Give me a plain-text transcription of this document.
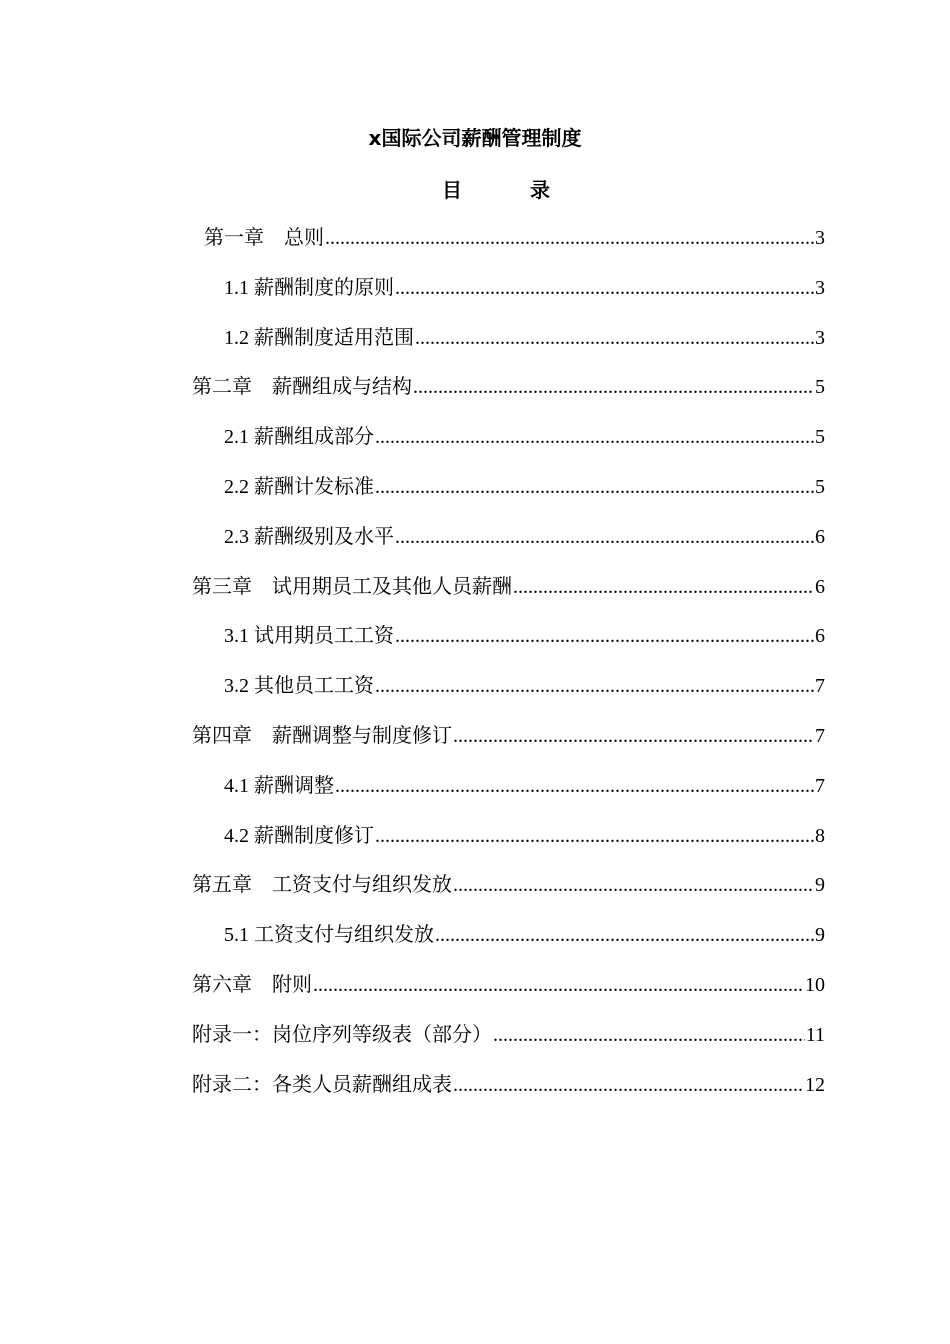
x国际公司薪酬管理制度
目	录
第一章　总则 .....	3
1.1 薪酬制度的原则 .....	3
1.2 薪酬制度适用范围 .....	3
第二章　薪酬组成与结构 .....	5
2.1 薪酬组成部分 .....	5
2.2 薪酬计发标准 .....	5
2.3 薪酬级别及水平 .....	6
第三章　试用期员工及其他人员薪酬 .....	6
3.1 试用期员工工资 .....	6
3.2 其他员工工资 .....	7
第四章　薪酬调整与制度修订 .....	7
4.1 薪酬调整 .....	7
4.2 薪酬制度修订 .....	8
第五章　工资支付与组织发放 .....	9
5.1 工资支付与组织发放 .....	9
第六章　附则 .....	10
附录一：岗位序列等级表（部分） .....	11
附录二：各类人员薪酬组成表 .....	12
